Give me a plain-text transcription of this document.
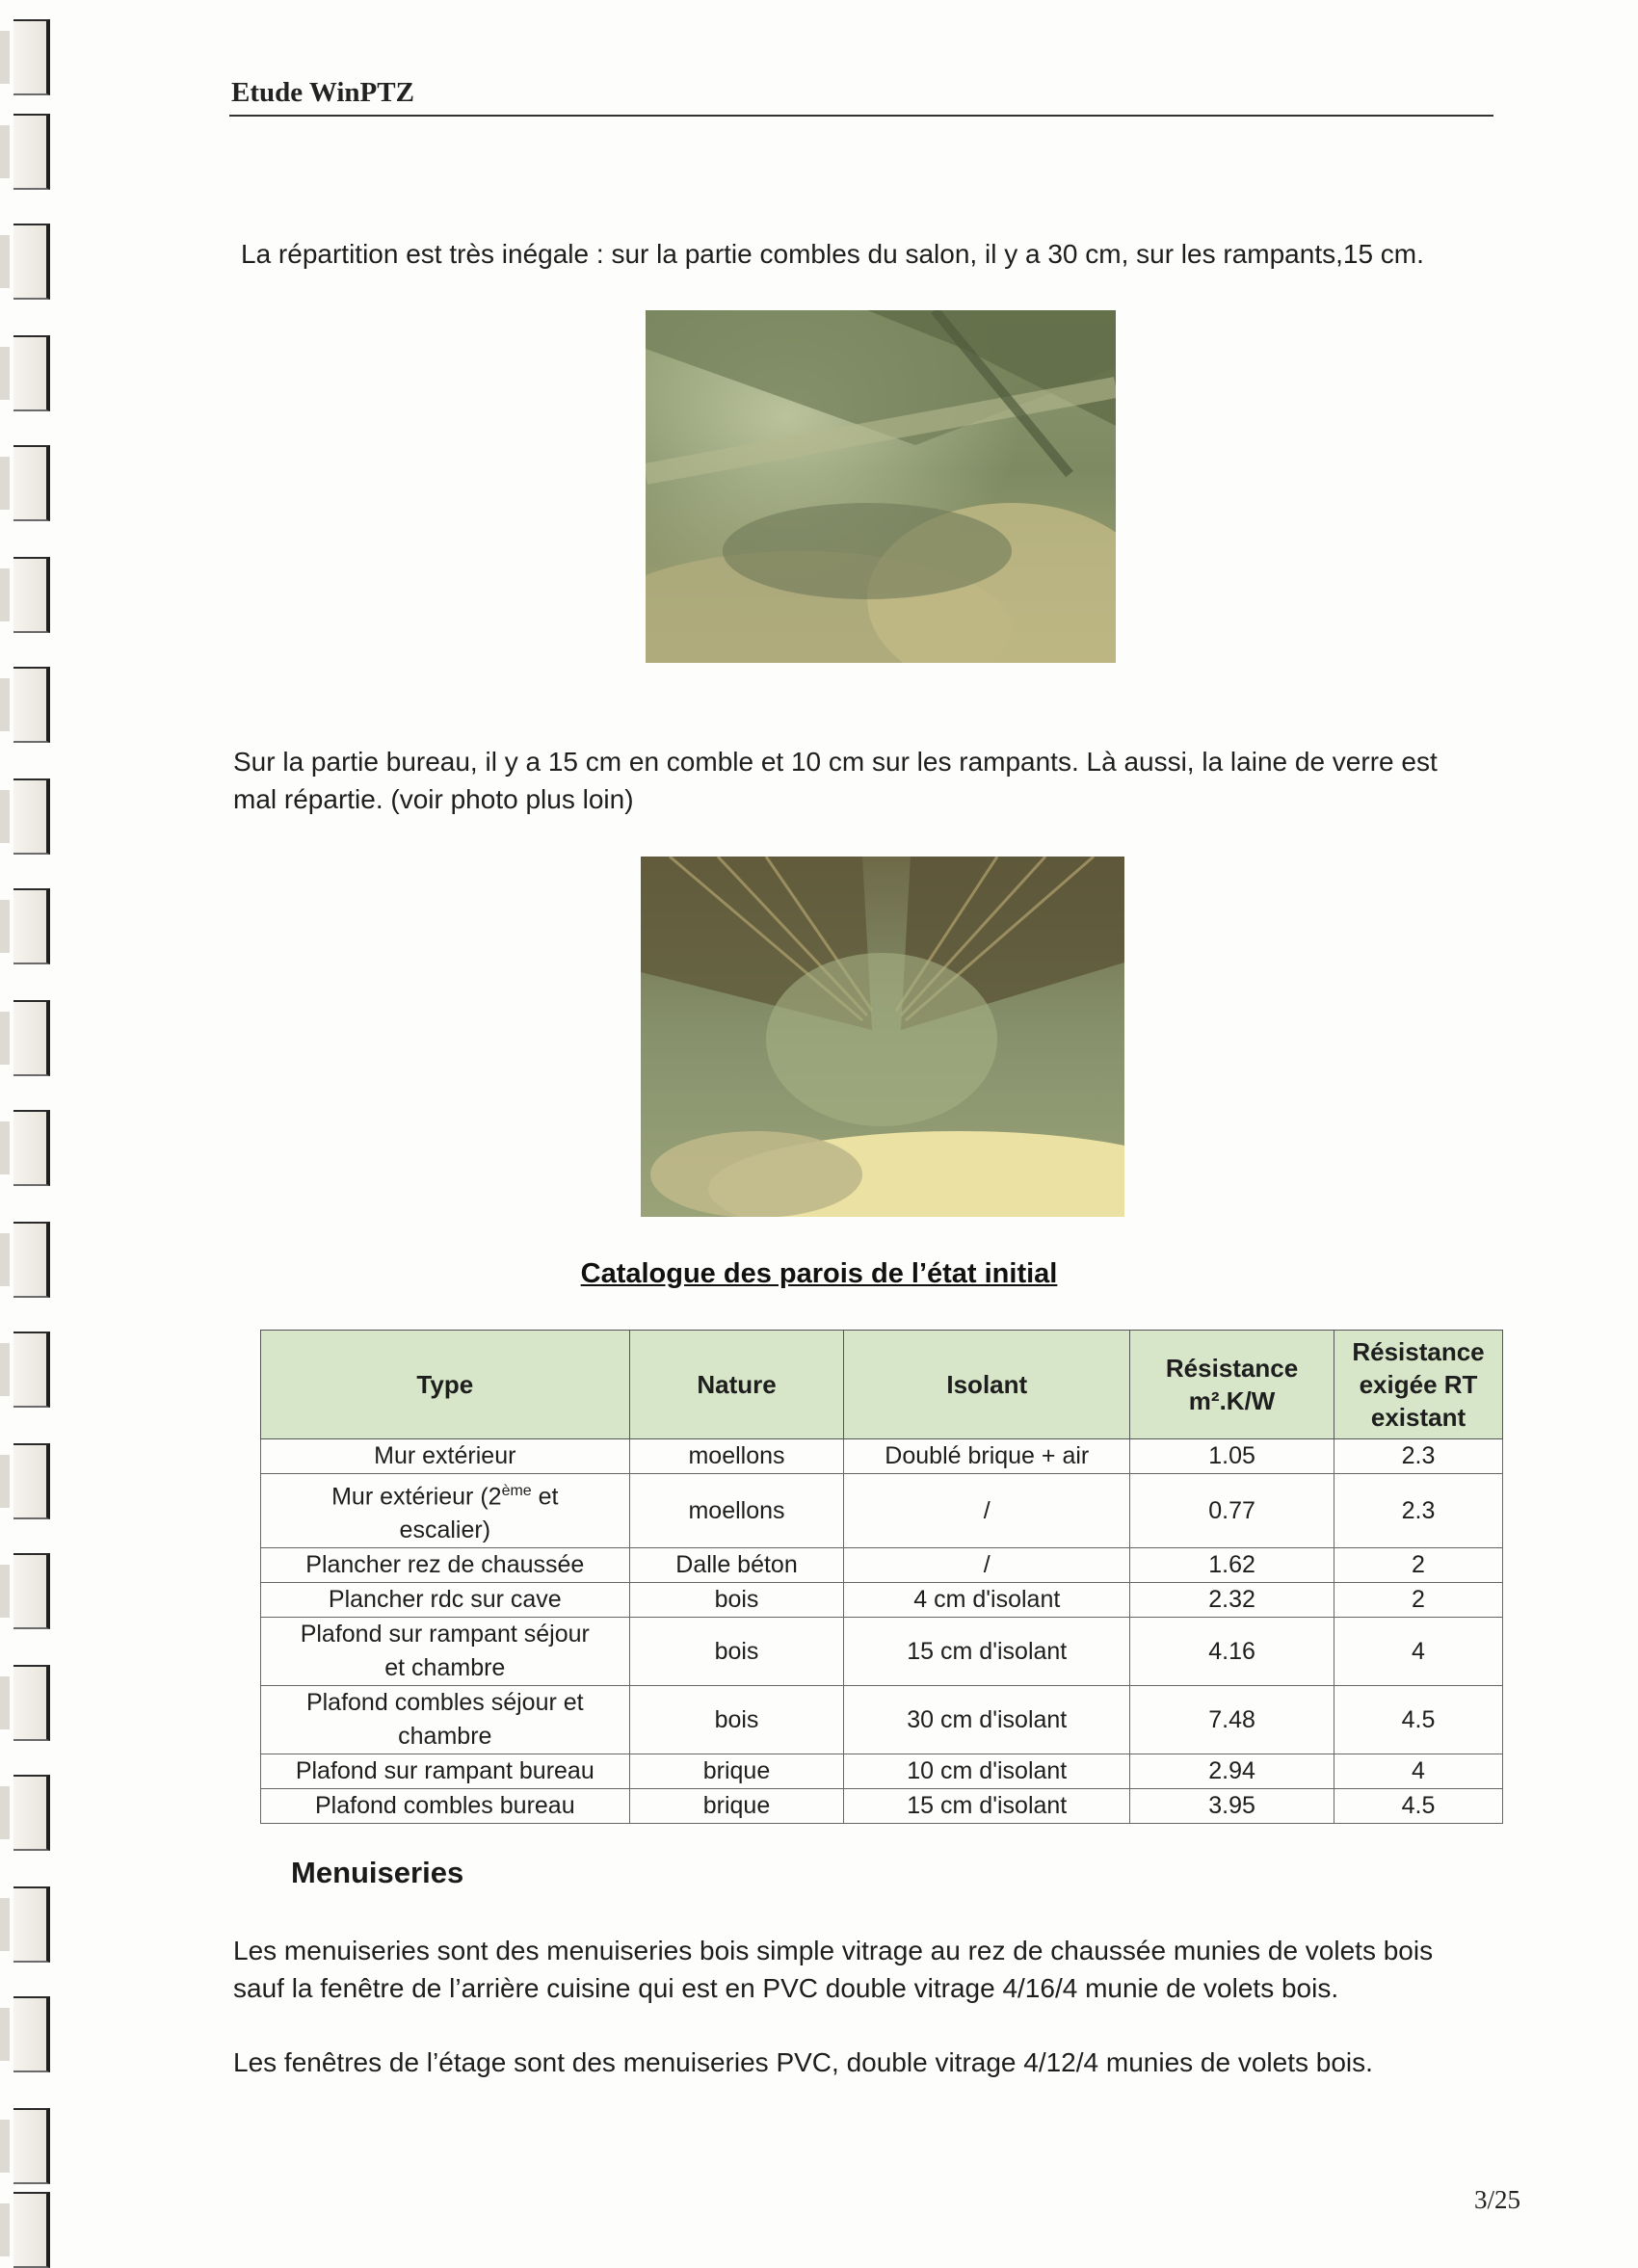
Etude WinPTZ
La répartition est très inégale : sur la partie combles du salon, il y a 30 cm, sur les rampants,15 cm.
Sur la partie bureau, il y a 15 cm en comble et 10 cm sur les rampants. Là aussi, la laine de verre est
mal répartie. (voir photo plus loin)
Catalogue des parois de l’état initial
Type	Nature	Isolant	Résistance
m².K/W	Résistance
exigée RT
existant
Mur extérieur	moellons	Doublé brique + air	1.05	2.3
Mur extérieur (2ème et
escalier)	moellons	/	0.77	2.3
Plancher rez de chaussée	Dalle béton	/	1.62	2
Plancher rdc sur cave	bois	4 cm d'isolant	2.32	2
Plafond sur rampant séjour
et chambre	bois	15 cm d'isolant	4.16	4
Plafond combles séjour et
chambre	bois	30 cm d'isolant	7.48	4.5
Plafond sur rampant bureau	brique	10 cm d'isolant	2.94	4
Plafond combles bureau	brique	15 cm d'isolant	3.95	4.5
Menuiseries
Les menuiseries sont des menuiseries bois simple vitrage au rez de chaussée munies de volets bois
sauf la fenêtre de l’arrière cuisine qui est en PVC double vitrage 4/16/4 munie de volets bois.
Les fenêtres de l’étage sont des menuiseries PVC, double vitrage 4/12/4 munies de volets bois.
3/25
